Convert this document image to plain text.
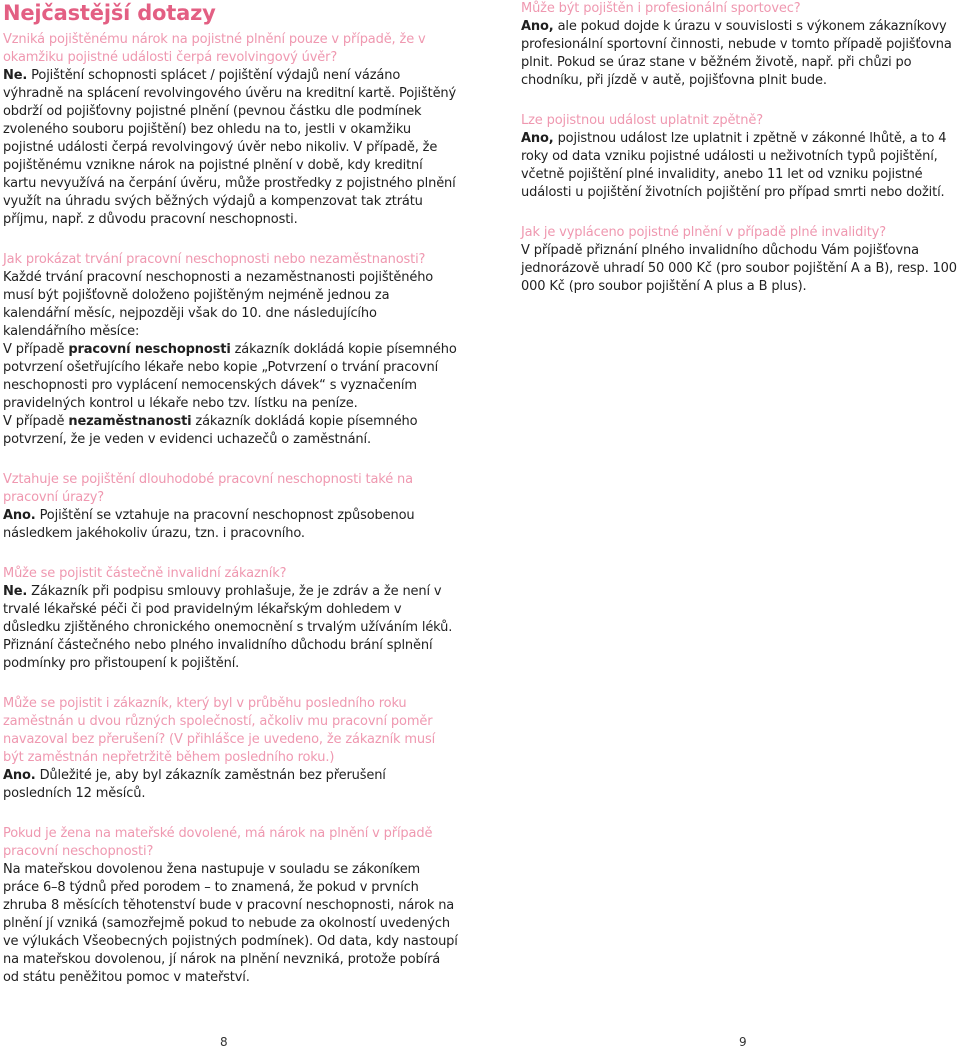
Nejčastější dotazy

Vzniká pojištěnému nárok na pojistné plnění pouze v případě, že v okamžiku pojistné události čerpá revolvingový úvěr?

Ne. Pojištění schopnosti splácet / pojištění výdajů není vázáno výhradně na splácení revolvingového úvěru na kreditní kartě. Pojištěný obdrží od pojišťovny pojistné plnění (pevnou částku dle podmínek zvoleného souboru pojištění) bez ohledu na to, jestli v okamžiku pojistné události čerpá revolvingový úvěr nebo nikoliv. V případě, že pojištěnému vznikne nárok na pojistné plnění v době, kdy kreditní kartu nevyužívá na čerpání úvěru, může prostředky z pojistného plnění využít na úhradu svých běžných výdajů a kompenzovat tak ztrátu příjmu, např. z důvodu pracovní neschopnosti.

Jak prokázat trvání pracovní neschopnosti nebo nezaměstnanosti?

Každé trvání pracovní neschopnosti a nezaměstnanosti pojištěného musí být pojišťovně doloženo pojištěným nejméně jednou za kalendářní měsíc, nejpozději však do 10. dne následujícího kalendářního měsíce:

V případě pracovní neschopnosti zákazník dokládá kopie písemného potvrzení ošetřujícího lékaře nebo kopie „Potvrzení o trvání pracovní neschopnosti pro vyplácení nemocenských dávek“ s vyznačením pravidelných kontrol u lékaře nebo tzv. lístku na peníze.

V případě nezaměstnanosti zákazník dokládá kopie písemného potvrzení, že je veden v evidenci uchazečů o zaměstnání.

Vztahuje se pojištění dlouhodobé pracovní neschopnosti také na pracovní úrazy?

Ano. Pojištění se vztahuje na pracovní neschopnost způsobenou následkem jakéhokoliv úrazu, tzn. i pracovního.

Může se pojistit částečně invalidní zákazník?

Ne. Zákazník při podpisu smlouvy prohlašuje, že je zdráv a že není v trvalé lékařské péči či pod pravidelným lékařským dohledem v důsledku zjištěného chronického onemocnění s trvalým užíváním léků. Přiznání částečného nebo plného invalidního důchodu brání splnění podmínky pro přistoupení k pojištění.

Může se pojistit i zákazník, který byl v průběhu posledního roku zaměstnán u dvou různých společností, ačkoliv mu pracovní poměr navazoval bez přerušení? (V přihlášce je uvedeno, že zákazník musí být zaměstnán nepřetržitě během posledního roku.)

Ano. Důležité je, aby byl zákazník zaměstnán bez přerušení posledních 12 měsíců.

Pokud je žena na mateřské dovolené, má nárok na plnění v případě pracovní neschopnosti?

Na mateřskou dovolenou žena nastupuje v souladu se zákoníkem práce 6–8 týdnů před porodem – to znamená, že pokud v prvních zhruba 8 měsících těhotenství bude v pracovní neschopnosti, nárok na plnění jí vzniká (samozřejmě pokud to nebude za okolností uvedených ve výlukách Všeobecných pojistných podmínek). Od data, kdy nastoupí na mateřskou dovolenou, jí nárok na plnění nevzniká, protože pobírá od státu peněžitou pomoc v mateřství.

Může být pojištěn i profesionální sportovec?

Ano, ale pokud dojde k úrazu v souvislosti s výkonem zákazníkovy profesionální sportovní činnosti, nebude v tomto případě pojišťovna plnit. Pokud se úraz stane v běžném životě, např. při chůzi po chodníku, při jízdě v autě, pojišťovna plnit bude.

Lze pojistnou událost uplatnit zpětně?

Ano, pojistnou událost lze uplatnit i zpětně v zákonné lhůtě, a to 4 roky od data vzniku pojistné události u neživotních typů pojištění, včetně pojištění plné invalidity, anebo 11 let od vzniku pojistné události u pojištění životních pojištění pro případ smrti nebo dožití.

Jak je vypláceno pojistné plnění v případě plné invalidity?

V případě přiznání plného invalidního důchodu Vám pojišťovna jednorázově uhradí 50 000 Kč (pro soubor pojištění A a B), resp. 100 000 Kč (pro soubor pojištění A plus a B plus).

8	9
